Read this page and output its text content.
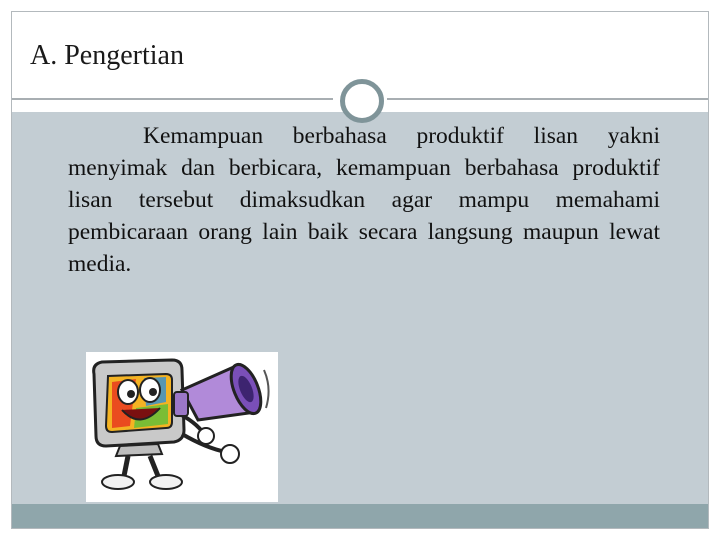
A. Pengertian

Kemampuan berbahasa produktif lisan yakni menyimak dan berbicara, kemampuan berbahasa produktif lisan tersebut dimaksudkan agar mampu memahami pembicaraan orang lain baik secara langsung maupun lewat media.
